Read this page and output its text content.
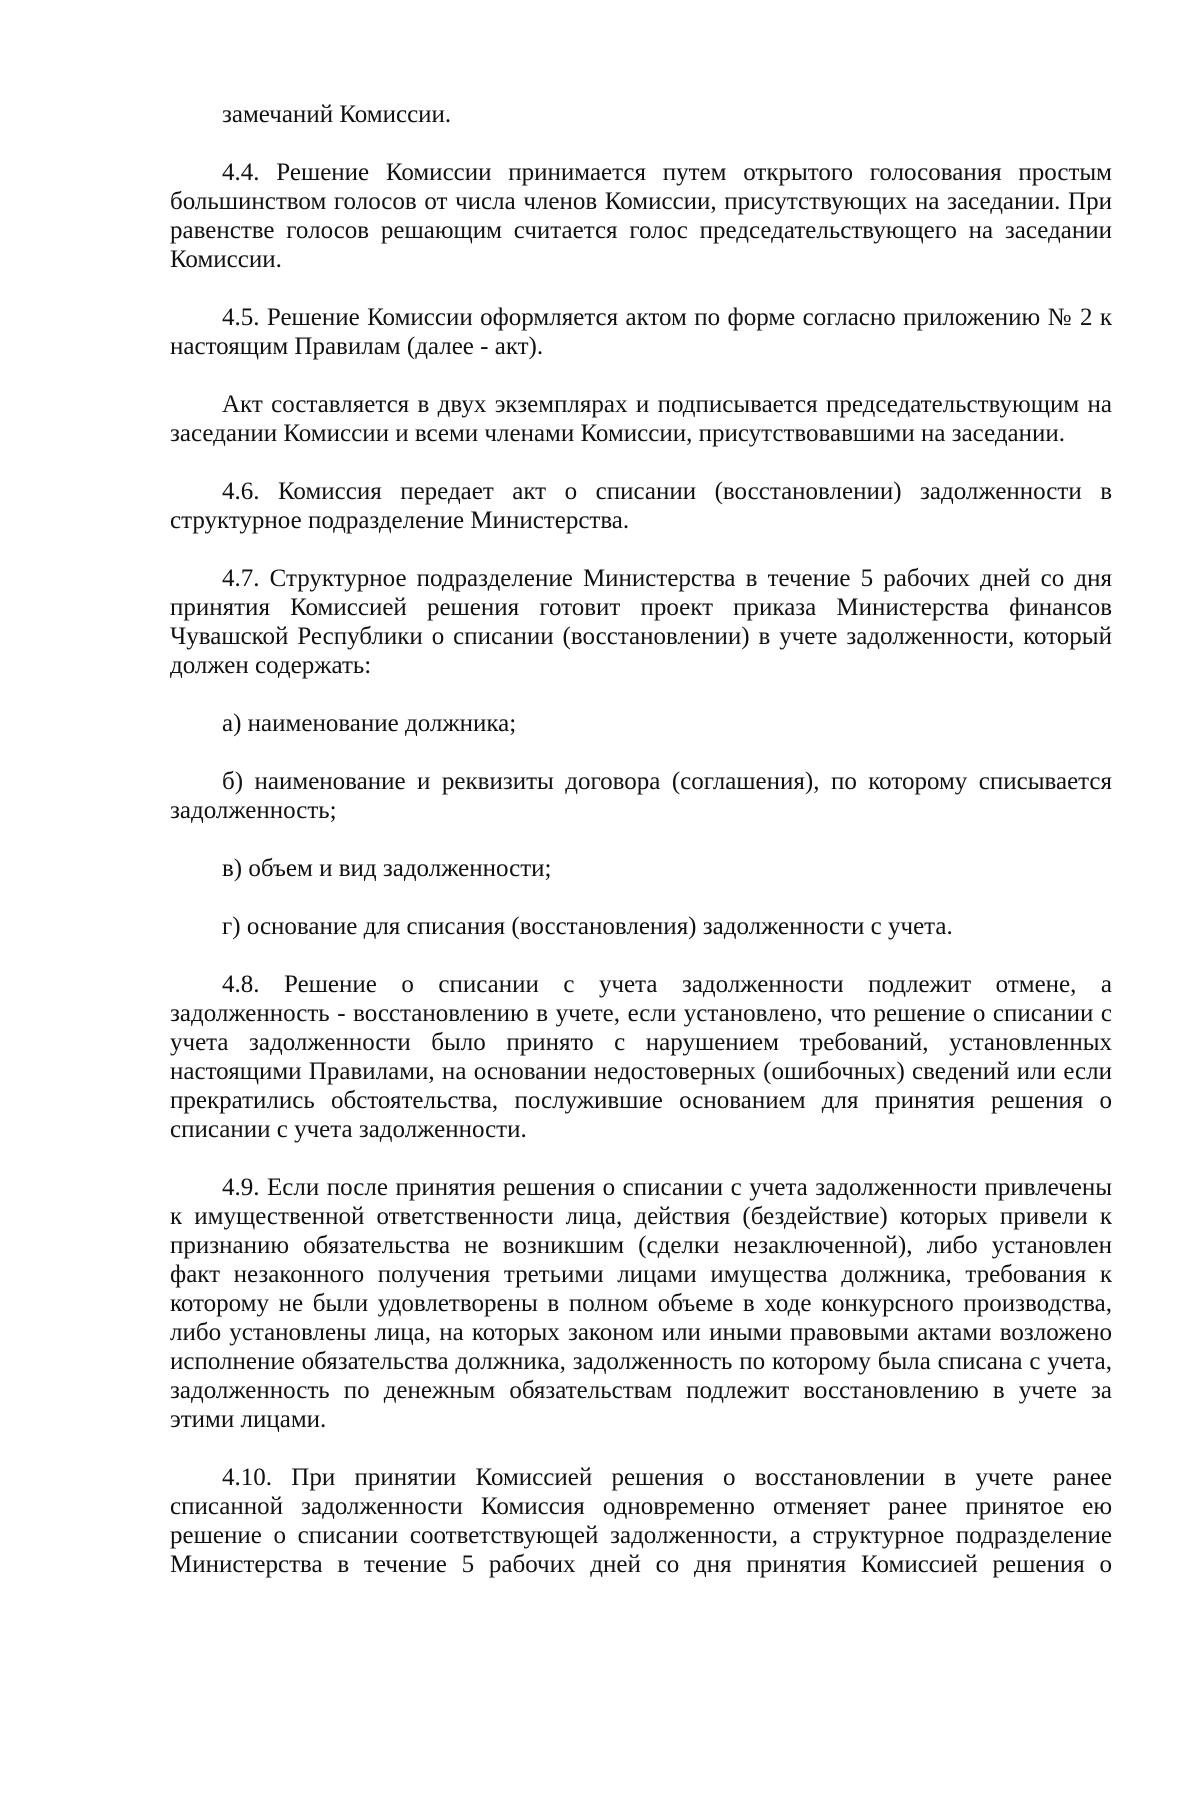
замечаний Комиссии.

4.4. Решение Комиссии принимается путем открытого голосования простым большинством голосов от числа членов Комиссии, присутствующих на заседании. При равенстве голосов решающим считается голос председательствующего на заседании Комиссии.

4.5. Решение Комиссии оформляется актом по форме согласно приложению № 2 к настоящим Правилам (далее - акт).

Акт составляется в двух экземплярах и подписывается председательствующим на заседании Комиссии и всеми членами Комиссии, присутствовавшими на заседании.

4.6. Комиссия передает акт о списании (восстановлении) задолженности в структурное подразделение Министерства.

4.7. Структурное подразделение Министерства в течение 5 рабочих дней со дня принятия Комиссией решения готовит проект приказа Министерства финансов Чувашской Республики о списании (восстановлении) в учете задолженности, который должен содержать:

а) наименование должника;

б) наименование и реквизиты договора (соглашения), по которому списывается задолженность;

в) объем и вид задолженности;

г) основание для списания (восстановления) задолженности с учета.

4.8. Решение о списании с учета задолженности подлежит отмене, а задолженность - восстановлению в учете, если установлено, что решение о списании с учета задолженности было принято с нарушением требований, установленных настоящими Правилами, на основании недостоверных (ошибочных) сведений или если прекратились обстоятельства, послужившие основанием для принятия решения о списании с учета задолженности.

4.9. Если после принятия решения о списании с учета задолженности привлечены к имущественной ответственности лица, действия (бездействие) которых привели к признанию обязательства не возникшим (сделки незаключенной), либо установлен факт незаконного получения третьими лицами имущества должника, требования к которому не были удовлетворены в полном объеме в ходе конкурсного производства, либо установлены лица, на которых законом или иными правовыми актами возложено исполнение обязательства должника, задолженность по которому была списана с учета, задолженность по денежным обязательствам подлежит восстановлению в учете за этими лицами.

4.10. При принятии Комиссией решения о восстановлении в учете ранее списанной задолженности Комиссия одновременно отменяет ранее принятое ею решение о списании соответствующей задолженности, а структурное подразделение Министерства в течение 5 рабочих дней со дня принятия Комиссией решения о
